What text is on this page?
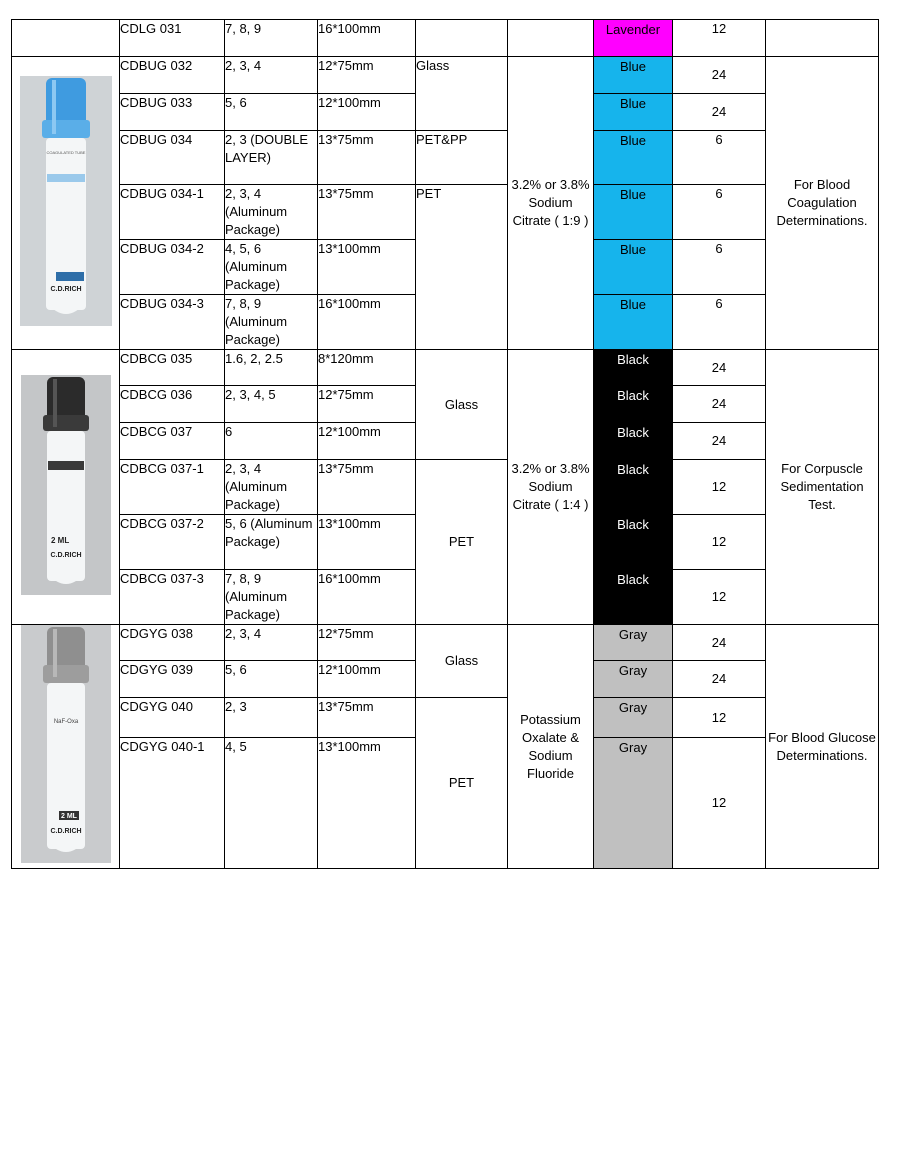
	CDLG 031	7, 8, 9	16*100mm			Lavender	12	

COAGULATED TUBE
C.D.RICH	CDBUG 032	2, 3, 4	12*75mm	Glass	3.2% or 3.8% Sodium Citrate ( 1:9 )	Blue	24	For Blood Coagulation Determinations.
	CDBUG 033	5, 6	12*100mm			Blue	24	
	CDBUG 034	2, 3 (DOUBLE LAYER)	13*75mm	PET&PP		Blue	6	
	CDBUG 034-1	2, 3, 4 (Aluminum Package)	13*75mm	PET		Blue	6	
	CDBUG 034-2	4, 5, 6 (Aluminum Package)	13*100mm			Blue	6	
	CDBUG 034-3	7, 8, 9 (Aluminum Package)	16*100mm			Blue	6	

2 ML
C.D.RICH	CDBCG 035	1.6, 2, 2.5	8*120mm	Glass	3.2% or 3.8% Sodium Citrate ( 1:4 )	Black	24	For Corpuscle Sedimentation Test.
	CDBCG 036	2, 3, 4, 5	12*75mm			Black	24	
	CDBCG 037	6	12*100mm			Black	24	
	CDBCG 037-1	2, 3, 4 (Aluminum Package)	13*75mm	PET		Black	12	
	CDBCG 037-2	5, 6 (Aluminum Package)	13*100mm			Black	12	
	CDBCG 037-3	7, 8, 9 (Aluminum Package)	16*100mm			Black	12	

NaF-Oxa
2 ML
C.D.RICH	CDGYG 038	2, 3, 4	12*75mm	Glass	Potassium Oxalate & Sodium Fluoride	Gray	24	For Blood Glucose Determinations.
	CDGYG 039	5, 6	12*100mm			Gray	24	
	CDGYG 040	2, 3	13*75mm	PET		Gray	12	
	CDGYG 040-1	4, 5	13*100mm			Gray	12	
